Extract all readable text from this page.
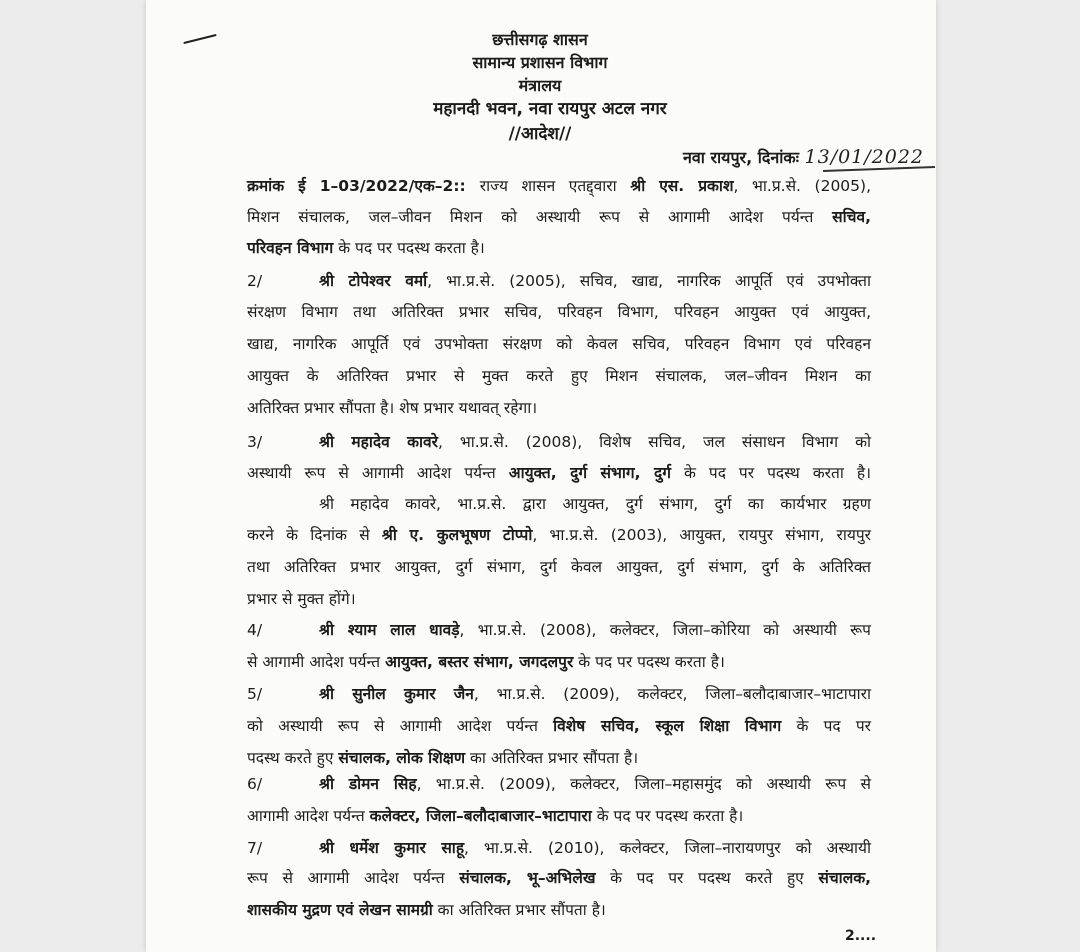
छत्तीसगढ़ शासन
सामान्य प्रशासन विभाग
मंत्रालय
महानदी भवन, नवा रायपुर अटल नगर
//आदेश//
नवा रायपुर, दिनांकः 13/01/2022
क्रमांक ई 1–03/2022/एक–2:: राज्य शासन एतद्द्वारा श्री एस. प्रकाश, भा.प्र.से. (2005),
मिशन संचालक, जल–जीवन मिशन को अस्थायी रूप से आगामी आदेश पर्यन्त सचिव,
परिवहन विभाग के पद पर पदस्थ करता है।
2/	श्री टोपेश्वर वर्मा, भा.प्र.से. (2005), सचिव, खाद्य, नागरिक आपूर्ति एवं उपभोक्ता
संरक्षण विभाग तथा अतिरिक्त प्रभार सचिव, परिवहन विभाग, परिवहन आयुक्त एवं आयुक्त,
खाद्य, नागरिक आपूर्ति एवं उपभोक्ता संरक्षण को केवल सचिव, परिवहन विभाग एवं परिवहन
आयुक्त के अतिरिक्त प्रभार से मुक्त करते हुए मिशन संचालक, जल–जीवन मिशन का
अतिरिक्त प्रभार सौंपता है। शेष प्रभार यथावत् रहेगा।
3/	श्री महादेव कावरे, भा.प्र.से. (2008), विशेष सचिव, जल संसाधन विभाग को
अस्थायी रूप से आगामी आदेश पर्यन्त आयुक्त, दुर्ग संभाग, दुर्ग के पद पर पदस्थ करता है।
श्री महादेव कावरे, भा.प्र.से. द्वारा आयुक्त, दुर्ग संभाग, दुर्ग का कार्यभार ग्रहण
करने के दिनांक से श्री ए. कुलभूषण टोप्पो, भा.प्र.से. (2003), आयुक्त, रायपुर संभाग, रायपुर
तथा अतिरिक्त प्रभार आयुक्त, दुर्ग संभाग, दुर्ग केवल आयुक्त, दुर्ग संभाग, दुर्ग के अतिरिक्त
प्रभार से मुक्त होंगे।
4/	श्री श्याम लाल धावड़े, भा.प्र.से. (2008), कलेक्टर, जिला–कोरिया को अस्थायी रूप
से आगामी आदेश पर्यन्त आयुक्त, बस्तर संभाग, जगदलपुर के पद पर पदस्थ करता है।
5/	श्री सुनील कुमार जैन, भा.प्र.से. (2009), कलेक्टर, जिला–बलौदाबाजार–भाटापारा
को अस्थायी रूप से आगामी आदेश पर्यन्त विशेष सचिव, स्कूल शिक्षा विभाग के पद पर
पदस्थ करते हुए संचालक, लोक शिक्षण का अतिरिक्त प्रभार सौंपता है।
6/	श्री डोमन सिह, भा.प्र.से. (2009), कलेक्टर, जिला–महासमुंद को अस्थायी रूप से
आगामी आदेश पर्यन्त कलेक्टर, जिला–बलौदाबाजार–भाटापारा के पद पर पदस्थ करता है।
7/	श्री धर्मेश कुमार साहू, भा.प्र.से. (2010), कलेक्टर, जिला–नारायणपुर को अस्थायी
रूप से आगामी आदेश पर्यन्त संचालक, भू–अभिलेख के पद पर पदस्थ करते हुए संचालक,
शासकीय मुद्रण एवं लेखन सामग्री का अतिरिक्त प्रभार सौंपता है।
2....
